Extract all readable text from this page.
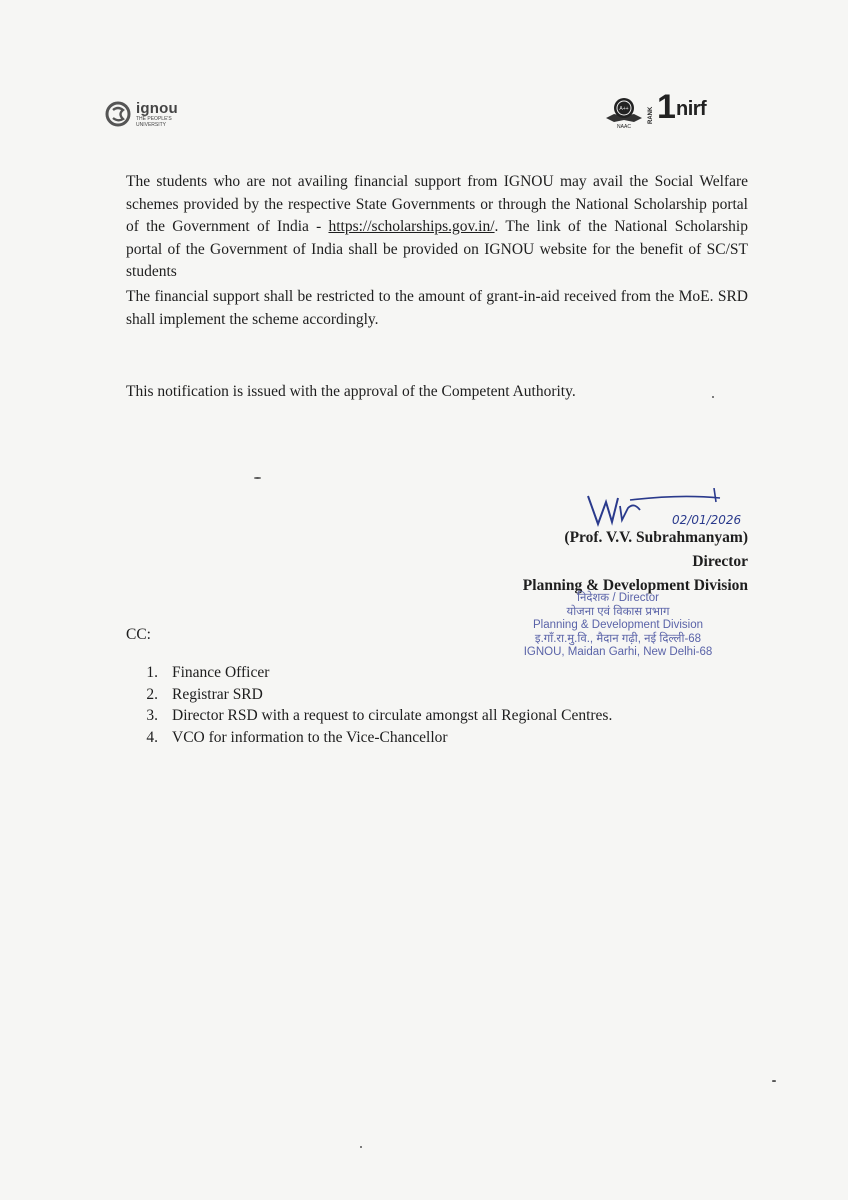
ignou
THE PEOPLE'S
UNIVERSITY
A++
NAAC
RANK 1 nirf

The students who are not availing financial support from IGNOU may avail the Social Welfare schemes provided by the respective State Governments or through the National Scholarship portal of the Government of India - https://scholarships.gov.in/. The link of the National Scholarship portal of the Government of India shall be provided on IGNOU website for the benefit of SC/ST students

The financial support shall be restricted to the amount of grant-in-aid received from the MoE. SRD shall implement the scheme accordingly.

This notification is issued with the approval of the Competent Authority.

02/01/2026
(Prof. V.V. Subrahmanyam)
Director
Planning & Development Division
निदेशक / Director
योजना एवं विकास प्रभाग
Planning & Development Division
इ.गाँ.रा.मु.वि., मैदान गढ़ी, नई दिल्ली-68
IGNOU, Maidan Garhi, New Delhi-68
CC:
1. Finance Officer
2. Registrar SRD
3. Director RSD with a request to circulate amongst all Regional Centres.
4. VCO for information to the Vice-Chancellor
